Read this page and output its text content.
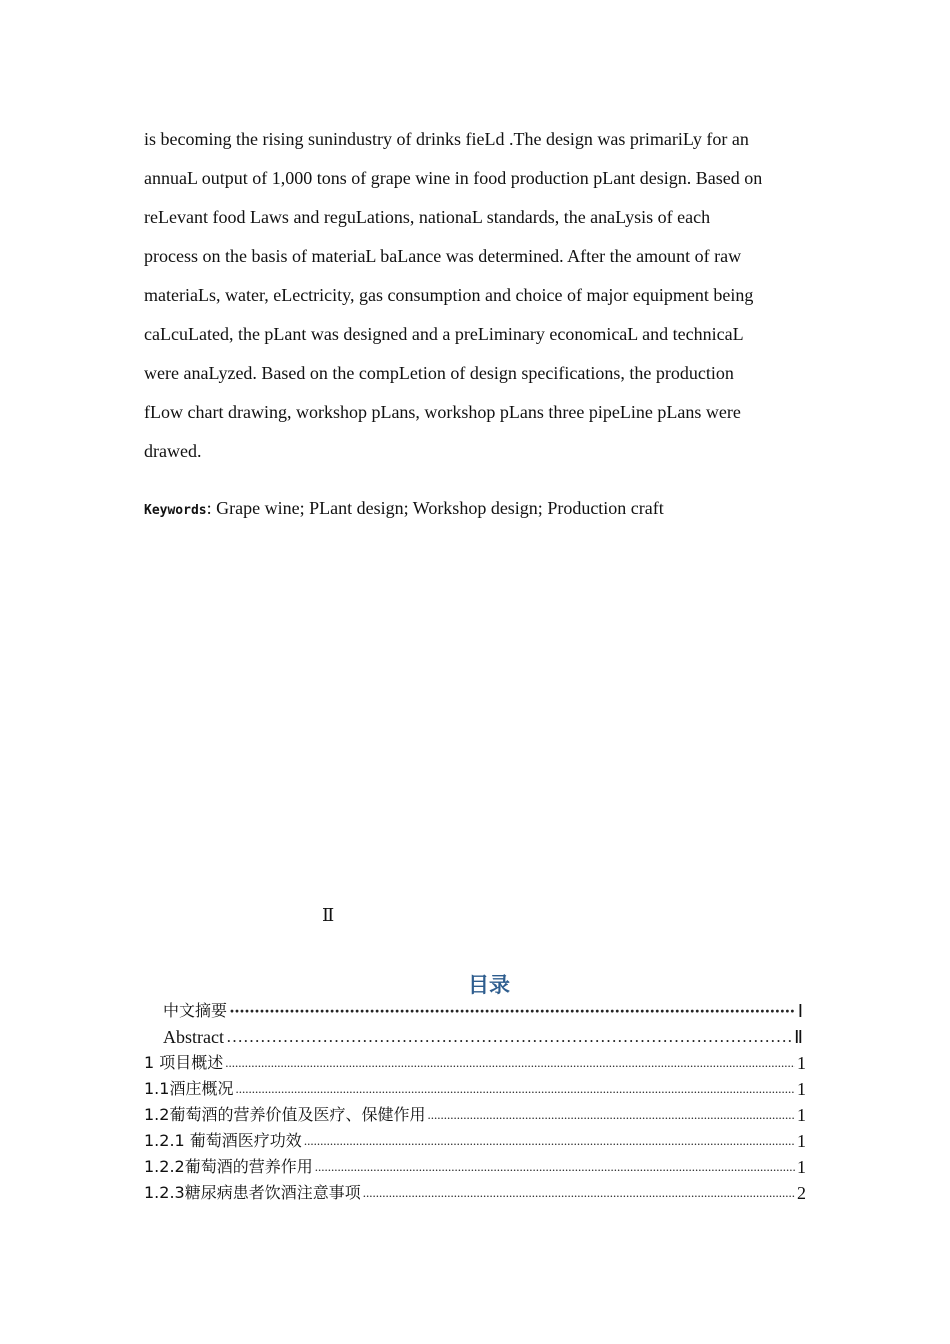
is becoming the rising sunindustry of drinks fieLd .The design was primariLy for an
annuaL output of 1,000 tons of grape wine in food production pLant design. Based on
reLevant food Laws and reguLations, nationaL standards, the anaLysis of each
process on the basis of materiaL baLance was determined. After the amount of raw
materiaLs, water, eLectricity, gas consumption and choice of major equipment being
caLcuLated, the pLant was designed and a preLiminary economicaL and technicaL
were anaLyzed. Based on the compLetion of design specifications, the production
fLow chart drawing, workshop pLans, workshop pLans three pipeLine pLans were
drawed.
Keywords: Grape wine; PLant design; Workshop design; Production craft
Ⅱ
目录
中文摘要 ·····	Ⅰ
Abstract ……………………………………………………………………………………………………………………	Ⅱ
1 项目概述 .....	1
1.1酒庄概况 .....	1
1.2葡萄酒的营养价值及医疗、保健作用 .....	1
1.2.1 葡萄酒医疗功效 .....	1
1.2.2葡萄酒的营养作用 .....	1
1.2.3糖尿病患者饮酒注意事项 .....	2
